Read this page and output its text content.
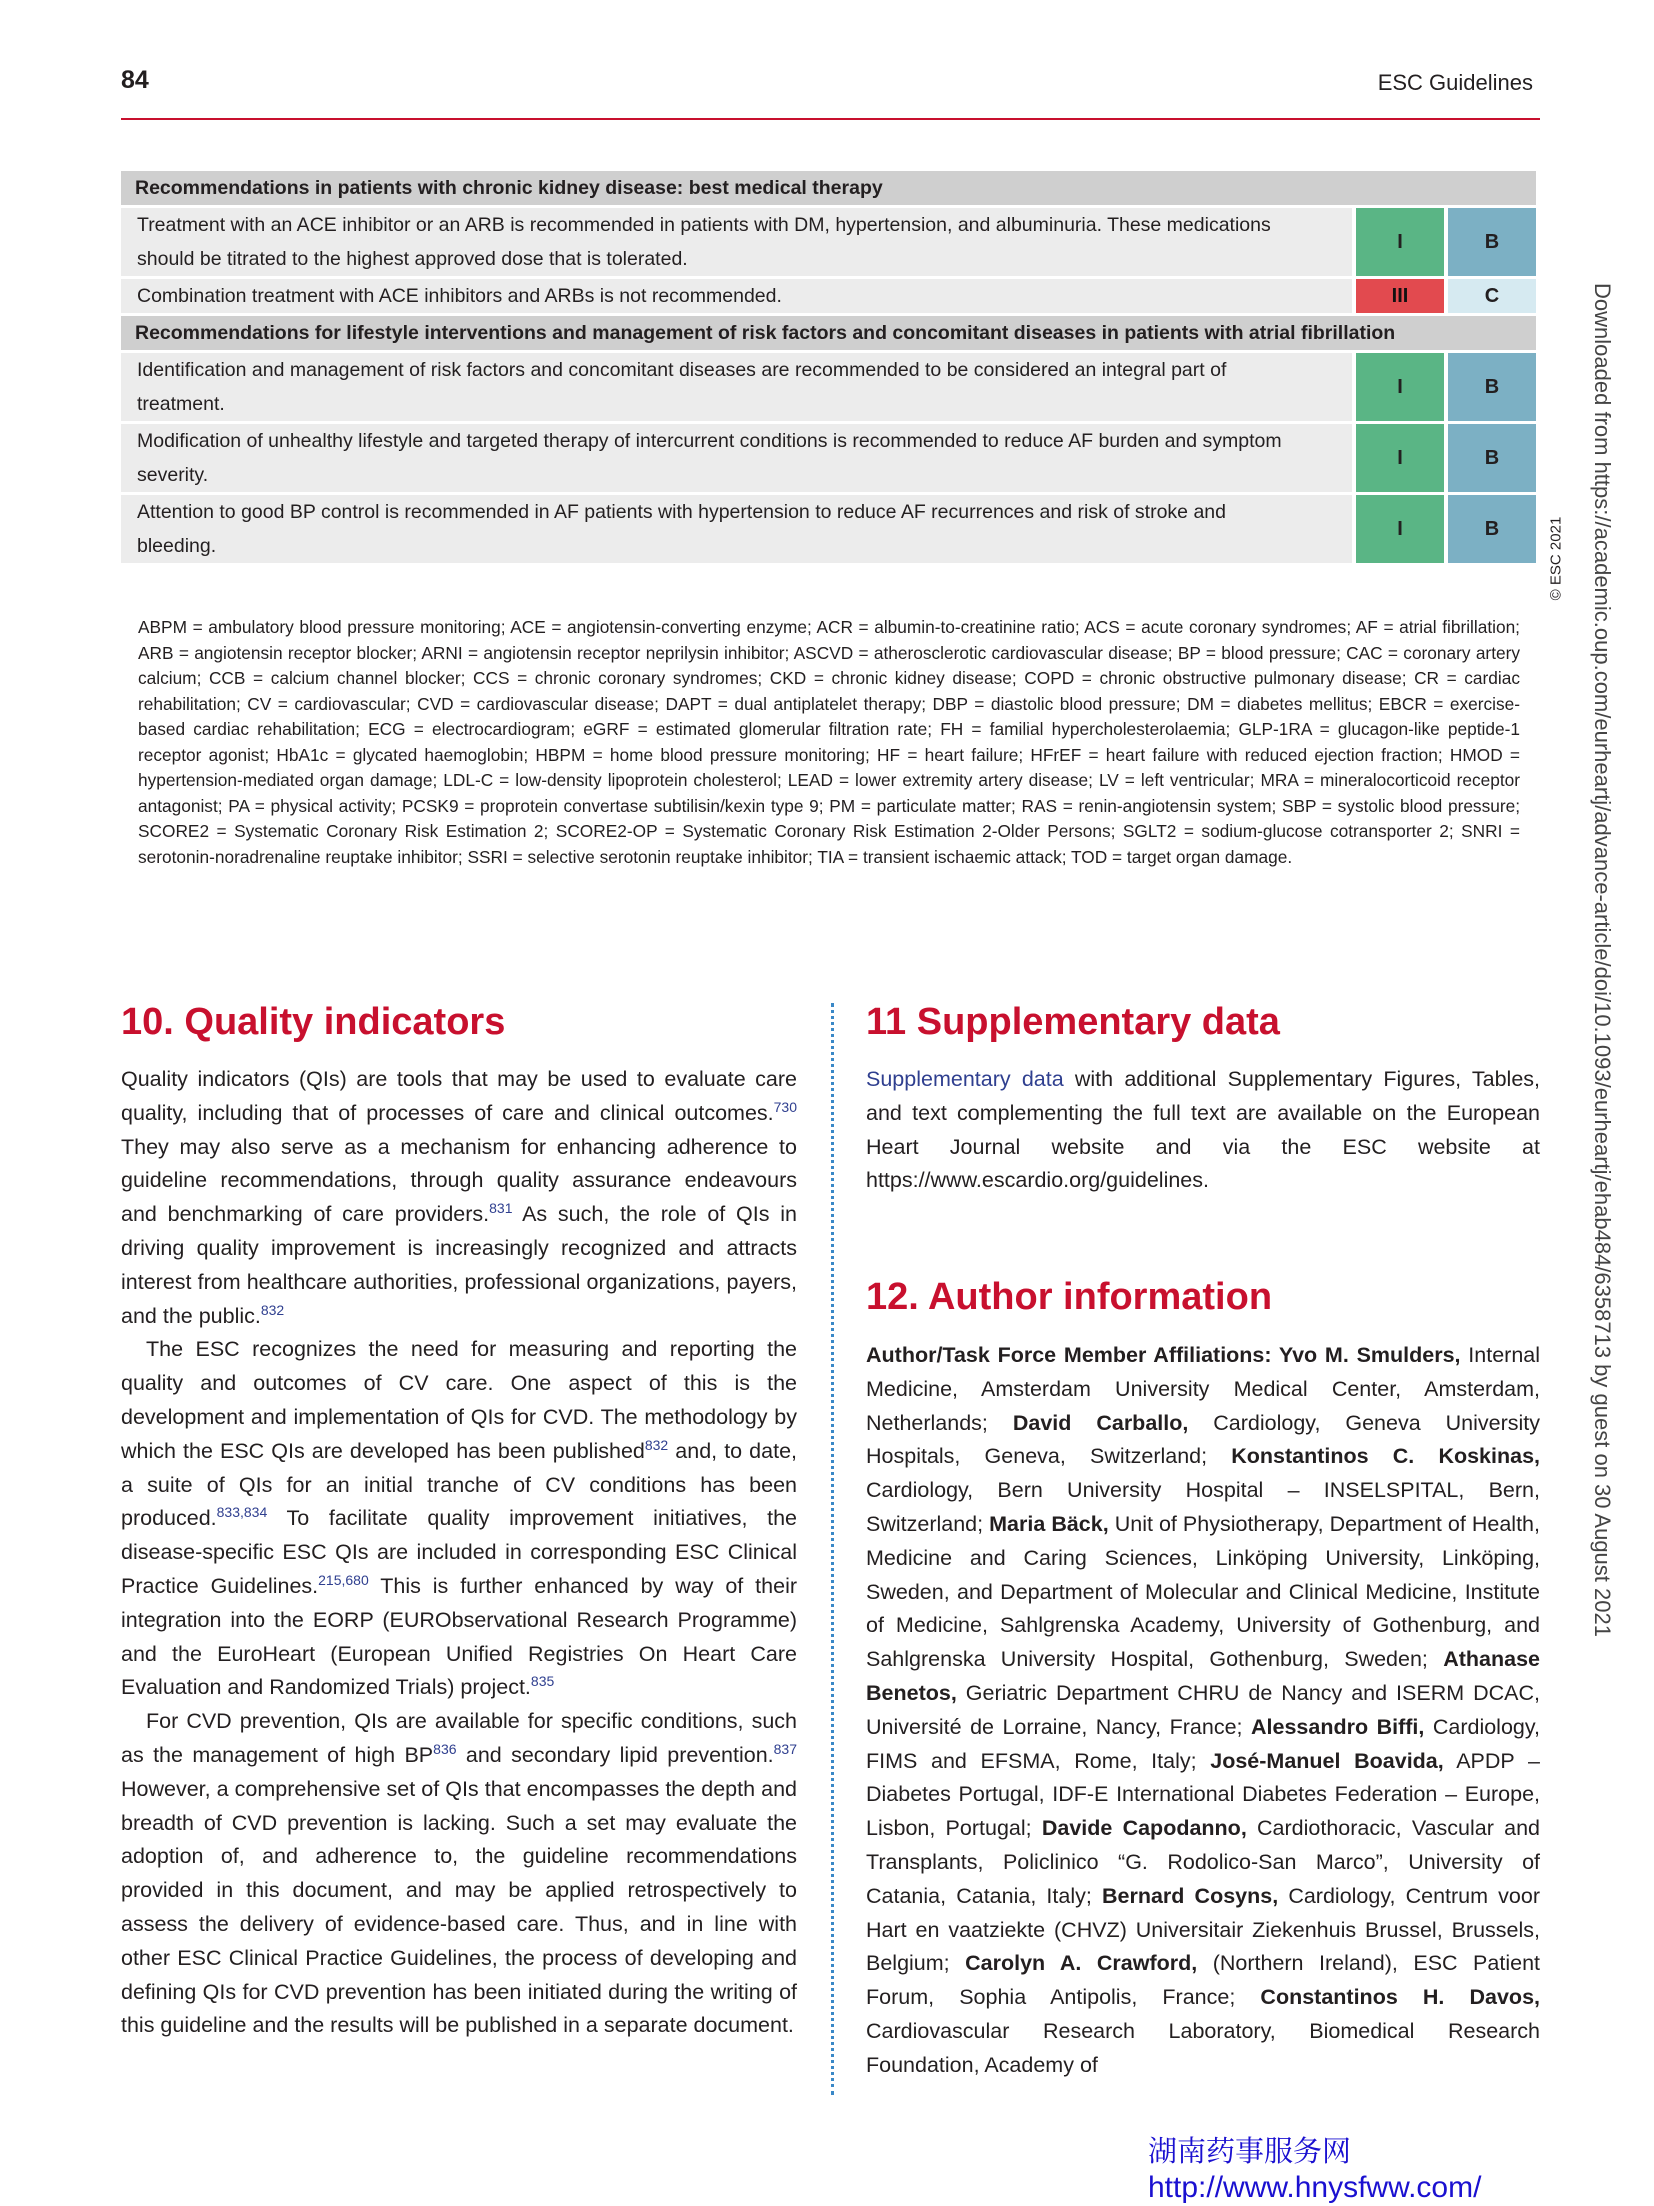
84	ESC Guidelines
Recommendations in patients with chronic kidney disease: best medical therapy		
Treatment with an ACE inhibitor or an ARB is recommended in patients with DM, hypertension, and albuminuria. These medications should be titrated to the highest approved dose that is tolerated.	I	B
Combination treatment with ACE inhibitors and ARBs is not recommended.	III	C
Recommendations for lifestyle interventions and management of risk factors and concomitant diseases in patients with atrial fibrillation		
Identification and management of risk factors and concomitant diseases are recommended to be considered an integral part of treatment.	I	B
Modification of unhealthy lifestyle and targeted therapy of intercurrent conditions is recommended to reduce AF burden and symptom severity.	I	B
Attention to good BP control is recommended in AF patients with hypertension to reduce AF recurrences and risk of stroke and bleeding.	I	B	© ESC 2021
ABPM = ambulatory blood pressure monitoring; ACE = angiotensin-converting enzyme; ACR = albumin-to-creatinine ratio; ACS = acute coronary syndromes; AF = atrial fibrillation; ARB = angiotensin receptor blocker; ARNI = angiotensin receptor neprilysin inhibitor; ASCVD = atherosclerotic cardiovascular disease; BP = blood pressure; CAC = coronary artery calcium; CCB = calcium channel blocker; CCS = chronic coronary syndromes; CKD = chronic kidney disease; COPD = chronic obstructive pulmonary disease; CR = cardiac rehabilitation; CV = cardiovascular; CVD = cardiovascular disease; DAPT = dual antiplatelet therapy; DBP = diastolic blood pressure; DM = diabetes mellitus; EBCR = exercise-based cardiac rehabilitation; ECG = electrocardiogram; eGRF = estimated glomerular filtration rate; FH = familial hypercholesterolaemia; GLP-1RA = glucagon-like peptide-1 receptor agonist; HbA1c = glycated haemoglobin; HBPM = home blood pressure monitoring; HF = heart failure; HFrEF = heart failure with reduced ejection fraction; HMOD = hypertension-mediated organ damage; LDL-C = low-density lipoprotein cholesterol; LEAD = lower extremity artery disease; LV = left ventricular; MRA = mineralocorticoid receptor antagonist; PA = physical activity; PCSK9 = proprotein convertase subtilisin/kexin type 9; PM = particulate matter; RAS = renin-angiotensin system; SBP = systolic blood pressure; SCORE2 = Systematic Coronary Risk Estimation 2; SCORE2-OP = Systematic Coronary Risk Estimation 2-Older Persons; SGLT2 = sodium-glucose cotransporter 2; SNRI = serotonin-noradrenaline reuptake inhibitor; SSRI = selective serotonin reuptake inhibitor; TIA = transient ischaemic attack; TOD = target organ damage.
10. Quality indicators

Quality indicators (QIs) are tools that may be used to evaluate care quality, including that of processes of care and clinical outcomes.$^{730}$ They may also serve as a mechanism for enhancing adherence to guideline recommendations, through quality assurance endeavours and benchmarking of care providers.$^{831}$ As such, the role of QIs in driving quality improvement is increasingly recognized and attracts interest from healthcare authorities, professional organizations, payers, and the public.$^{832}$

The ESC recognizes the need for measuring and reporting the quality and outcomes of CV care. One aspect of this is the development and implementation of QIs for CVD. The methodology by which the ESC QIs are developed has been published$^{832}$ and, to date, a suite of QIs for an initial tranche of CV conditions has been produced.$^{833,834}$ To facilitate quality improvement initiatives, the disease-specific ESC QIs are included in corresponding ESC Clinical Practice Guidelines.$^{215,680}$ This is further enhanced by way of their integration into the EORP (EURObservational Research Programme) and the EuroHeart (European Unified Registries On Heart Care Evaluation and Randomized Trials) project.$^{835}$

For CVD prevention, QIs are available for specific conditions, such as the management of high BP$^{836}$ and secondary lipid prevention.$^{837}$ However, a comprehensive set of QIs that encompasses the depth and breadth of CVD prevention is lacking. Such a set may evaluate the adoption of, and adherence to, the guideline recommendations provided in this document, and may be applied retrospectively to assess the delivery of evidence-based care. Thus, and in line with other ESC Clinical Practice Guidelines, the process of developing and defining QIs for CVD prevention has been initiated during the writing of this guideline and the results will be published in a separate document.

11 Supplementary data

Supplementary data with additional Supplementary Figures, Tables, and text complementing the full text are available on the European Heart Journal website and via the ESC website at https://www.escardio.org/guidelines.

12. Author information

Author/Task Force Member Affiliations: Yvo M. Smulders, Internal Medicine, Amsterdam University Medical Center, Amsterdam, Netherlands; David Carballo, Cardiology, Geneva University Hospitals, Geneva, Switzerland; Konstantinos C. Koskinas, Cardiology, Bern University Hospital – INSELSPITAL, Bern, Switzerland; Maria Bäck, Unit of Physiotherapy, Department of Health, Medicine and Caring Sciences, Linköping University, Linköping, Sweden, and Department of Molecular and Clinical Medicine, Institute of Medicine, Sahlgrenska Academy, University of Gothenburg, and Sahlgrenska University Hospital, Gothenburg, Sweden; Athanase Benetos, Geriatric Department CHRU de Nancy and ISERM DCAC, Université de Lorraine, Nancy, France; Alessandro Biffi, Cardiology, FIMS and EFSMA, Rome, Italy; José-Manuel Boavida, APDP – Diabetes Portugal, IDF-E International Diabetes Federation – Europe, Lisbon, Portugal; Davide Capodanno, Cardiothoracic, Vascular and Transplants, Policlinico “G. Rodolico-San Marco”, University of Catania, Catania, Italy; Bernard Cosyns, Cardiology, Centrum voor Hart en vaatziekte (CHVZ) Universitair Ziekenhuis Brussel, Brussels, Belgium; Carolyn A. Crawford, (Northern Ireland), ESC Patient Forum, Sophia Antipolis, France; Constantinos H. Davos, Cardiovascular Research Laboratory, Biomedical Research Foundation, Academy of

Downloaded from https://academic.oup.com/eurheartj/advance-article/doi/10.1093/eurheartj/ehab484/6358713 by guest on 30 August 2021
湖南药事服务网
http://www.hnysfww.com/
